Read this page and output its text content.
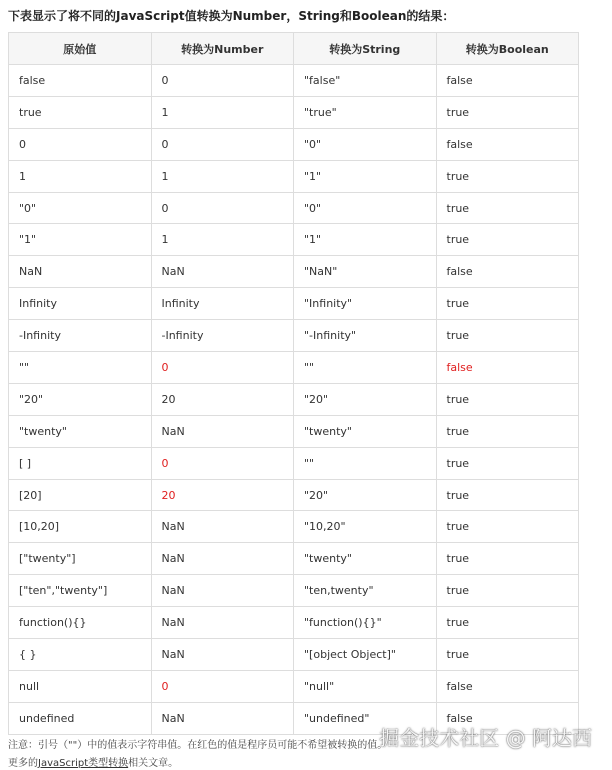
下表显示了将不同的JavaScript值转换为Number，String和Boolean的结果：
原始值	转换为Number	转换为String	转换为Boolean
false	0	"false"	false
true	1	"true"	true
0	0	"0"	false
1	1	"1"	true
"0"	0	"0"	true
"1"	1	"1"	true
NaN	NaN	"NaN"	false
Infinity	Infinity	"Infinity"	true
-Infinity	-Infinity	"-Infinity"	true
""	0	""	false
"20"	20	"20"	true
"twenty"	NaN	"twenty"	true
[ ]	0	""	true
[20]	20	"20"	true
[10,20]	NaN	"10,20"	true
["twenty"]	NaN	"twenty"	true
["ten","twenty"]	NaN	"ten,twenty"	true
function(){}	NaN	"function(){}"	true
{ }	NaN	"[object Object]"	true
null	0	"null"	false
undefined	NaN	"undefined"	false
注意：引号（""）中的值表示字符串值。在红色的值是程序员可能不希望被转换的值。
更多的JavaScript类型转换相关文章。
掘金技术社区 @ 阿达西
